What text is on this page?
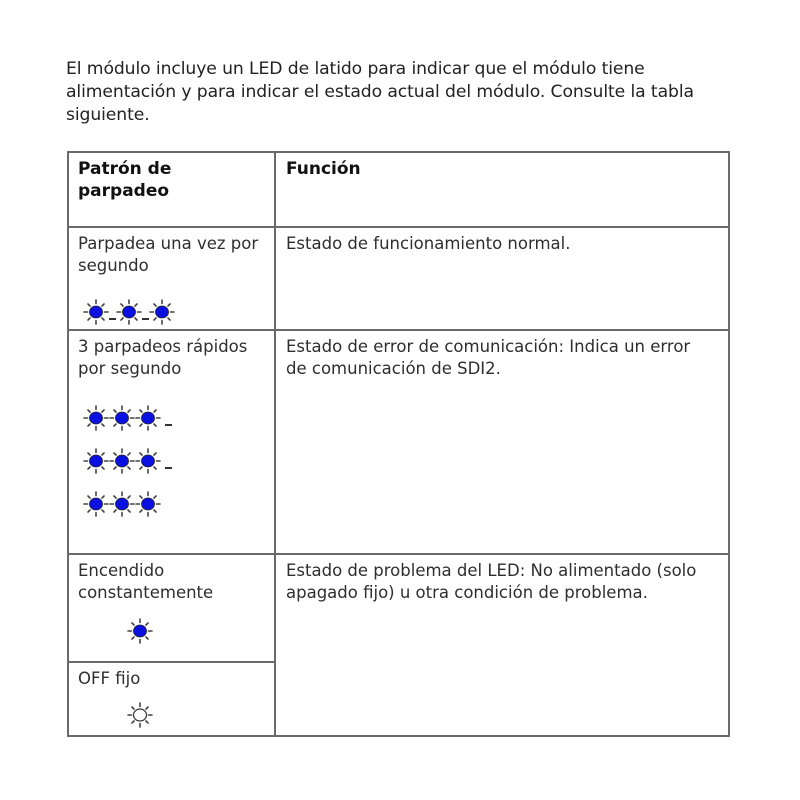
El módulo incluye un LED de latido para indicar que el módulo tiene alimentación y para indicar el estado actual del módulo. Consulte la tabla siguiente.
Patrón de parpadeo
Función
Parpadea una vez por segundo
Estado de funcionamiento normal.
3 parpadeos rápidos por segundo
Estado de error de comunicación: Indica un error de comunicación de SDI2.
Encendido constantemente
Estado de problema del LED: No alimentado (solo apagado fijo) u otra condición de problema.
OFF fijo
